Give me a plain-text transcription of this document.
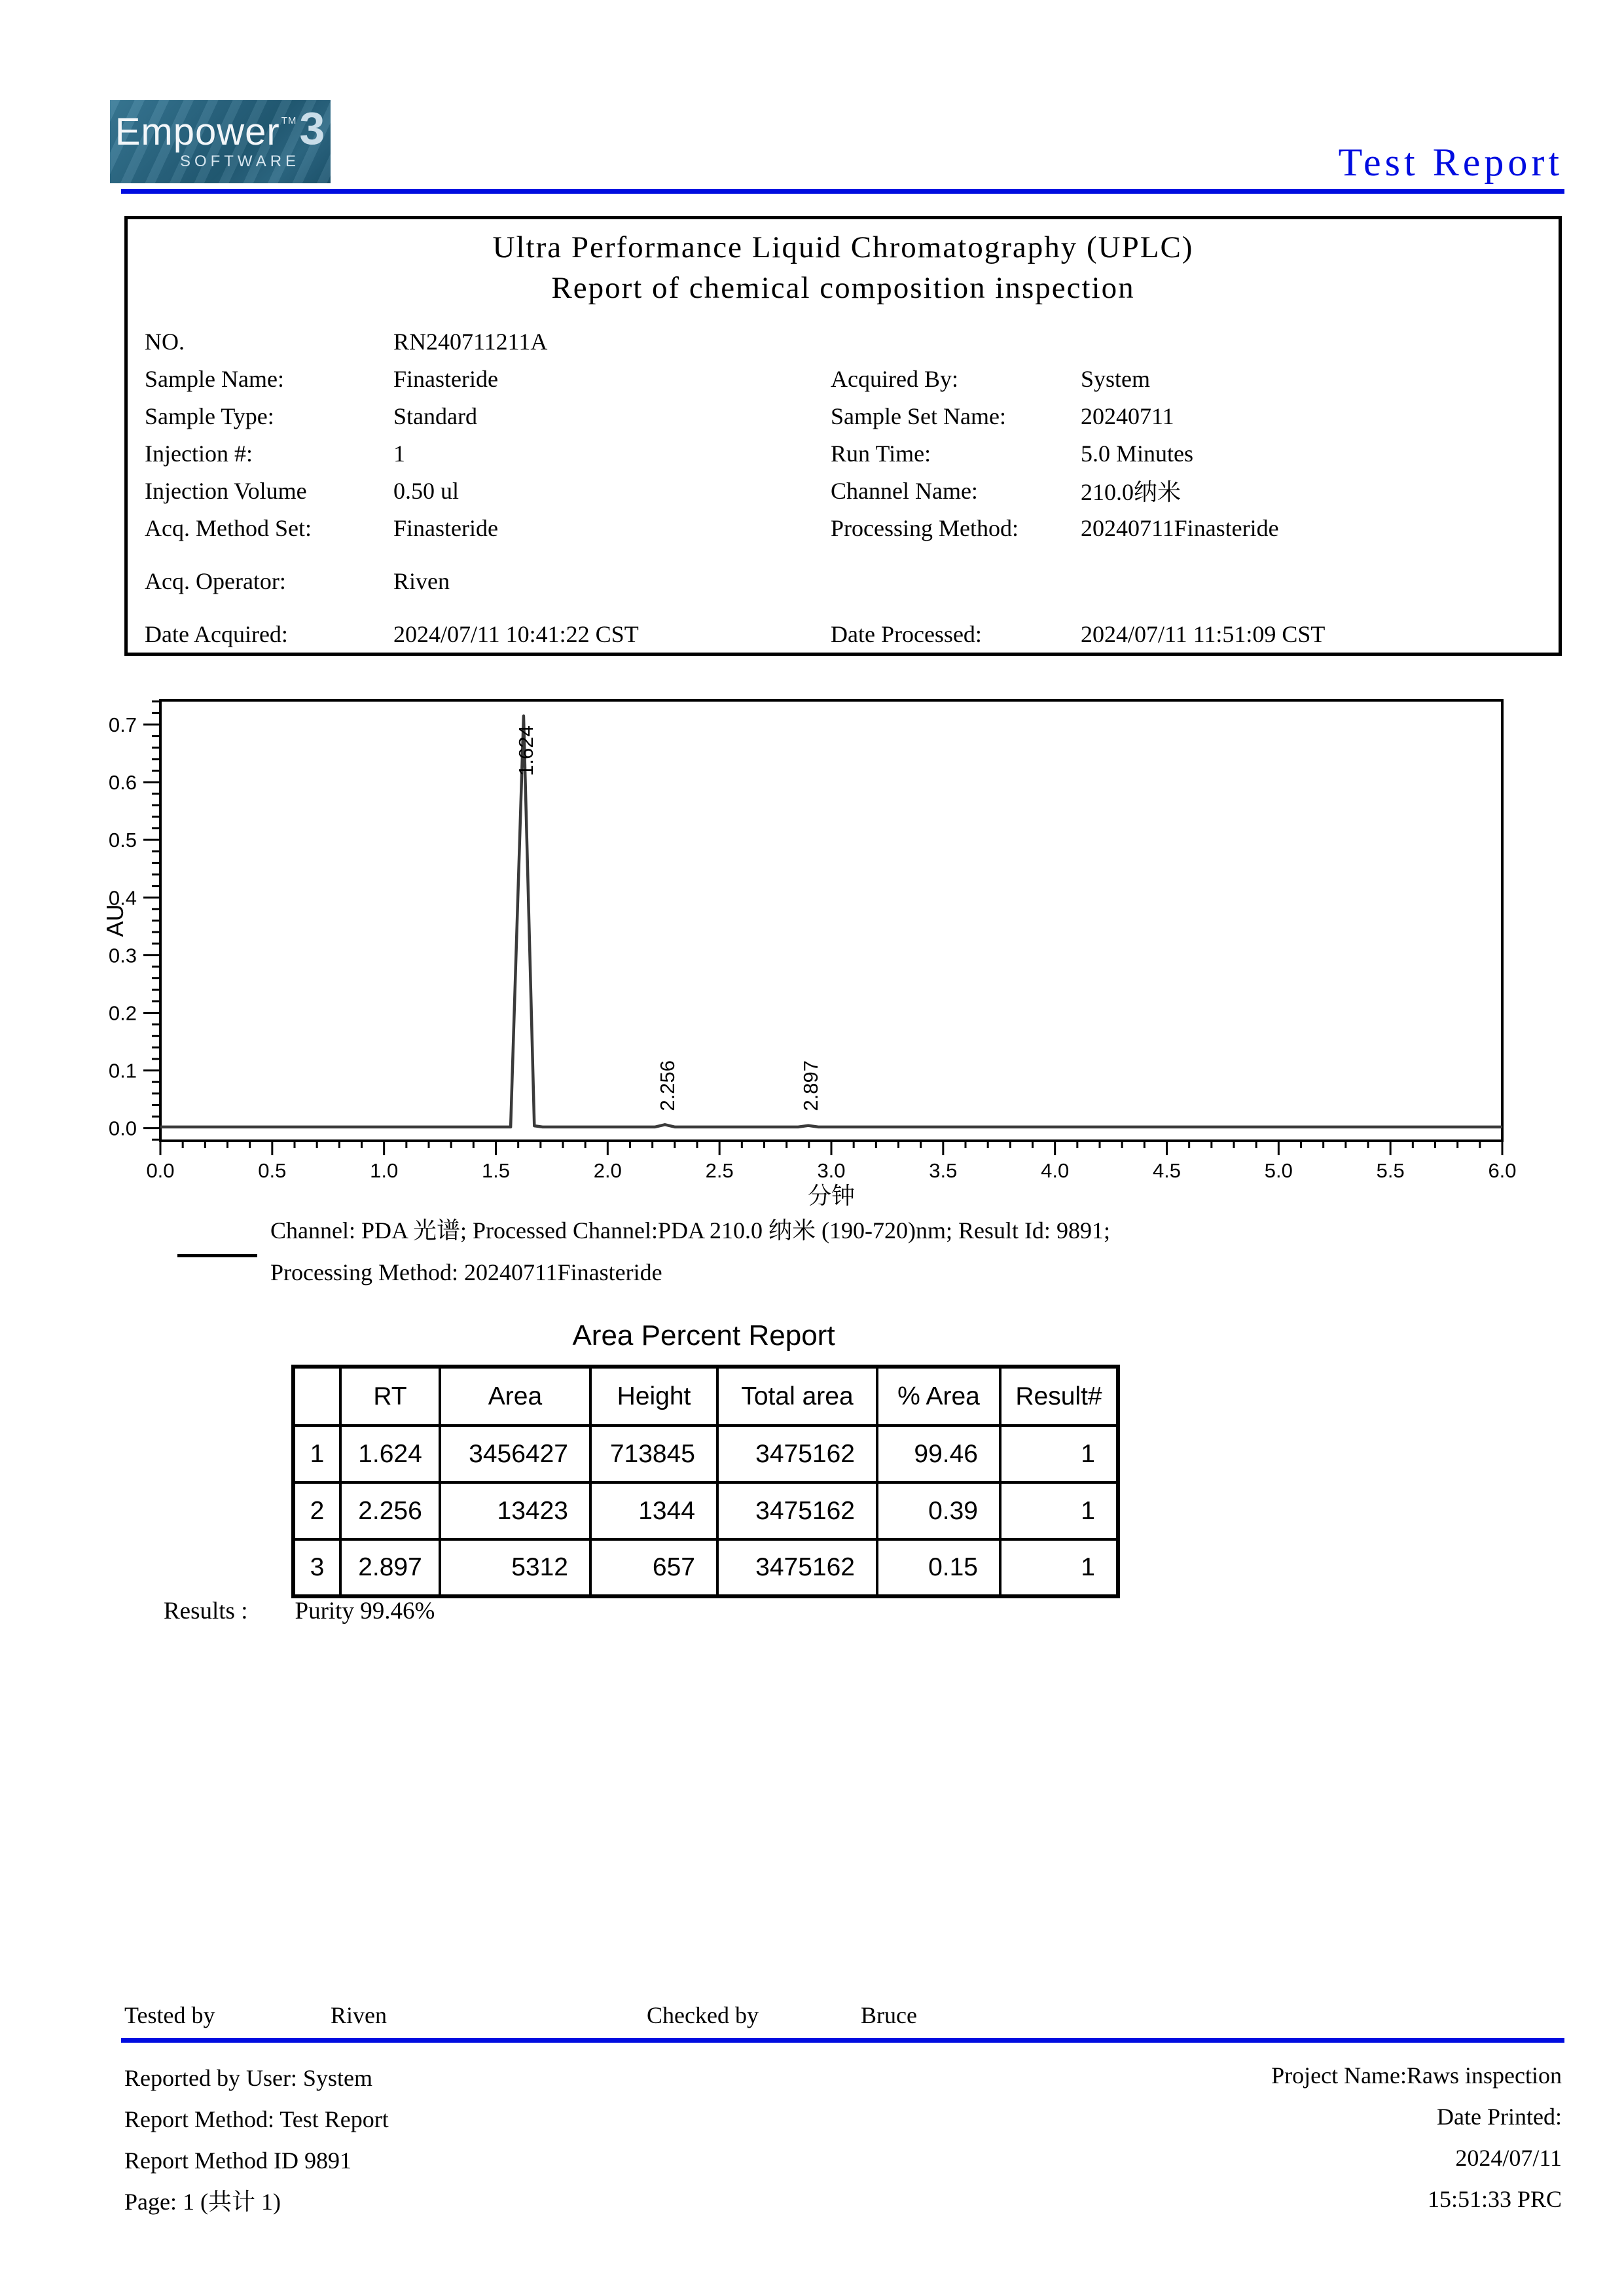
Empower TM 3
SOFTWARE	Test Report
Ultra Performance Liquid Chromatography (UPLC)
Report of chemical composition inspection
NO.	RN240711211A
Sample Name:	Finasteride	Acquired By:	System
Sample Type:	Standard	Sample Set Name:	20240711
Injection #:	1	Run Time:	5.0 Minutes
Injection Volume	0.50 ul	Channel Name:	210.0纳米
Acq. Method Set:	Finasteride	Processing Method:	20240711Finasteride
Acq. Operator:	Riven
Date Acquired:	2024/07/11 10:41:22 CST	Date Processed:	2024/07/11 11:51:09 CST
0.0	0.5	1.0	1.5	2.0	2.5	3.0	3.5	4.0	4.5	5.0	5.5	6.0
0.0
0.1
0.2
0.3
0.4
0.5
0.6
0.7
分钟
AU
1.624
2.256	2.897
Channel: PDA 光谱; Processed Channel:PDA 210.0 纳米 (190-720)nm; Result Id: 9891;
Processing Method: 20240711Finasteride
Area Percent Report
	RT	Area	Height	Total area	% Area	Result#
1	1.624	3456427	713845	3475162	99.46	1
2	2.256	13423	1344	3475162	0.39	1
3	2.897	5312	657	3475162	0.15	1
Results : Purity 99.46%
Tested by	Riven	Checked by	Bruce
Reported by User: System
Report Method: Test Report
Report Method ID 9891
Page: 1 (共计 1)
Project Name:Raws inspection
Date Printed:
2024/07/11
15:51:33 PRC
